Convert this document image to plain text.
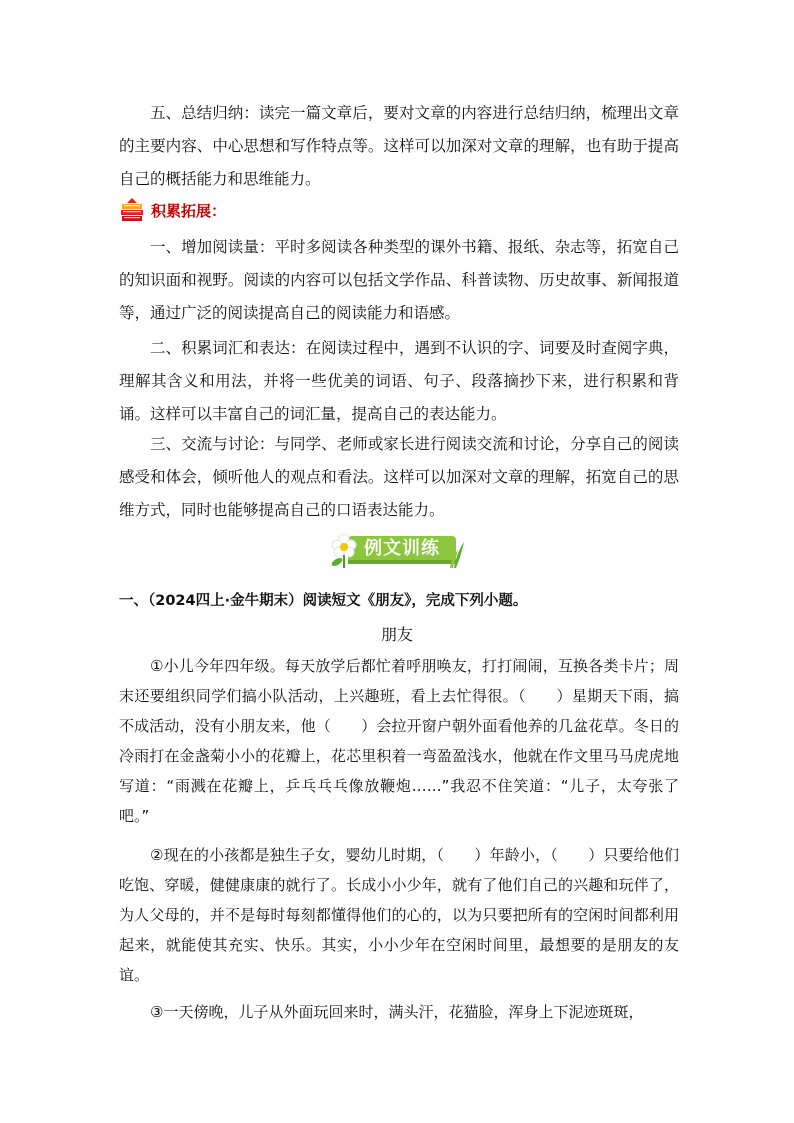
五、总结归纳：读完一篇文章后，要对文章的内容进行总结归纳，梳理出文章的主要内容、中心思想和写作特点等。这样可以加深对文章的理解，也有助于提高自己的概括能力和思维能力。

积累拓展：

一、增加阅读量：平时多阅读各种类型的课外书籍、报纸、杂志等，拓宽自己的知识面和视野。阅读的内容可以包括文学作品、科普读物、历史故事、新闻报道等，通过广泛的阅读提高自己的阅读能力和语感。

二、积累词汇和表达：在阅读过程中，遇到不认识的字、词要及时查阅字典，理解其含义和用法，并将一些优美的词语、句子、段落摘抄下来，进行积累和背诵。这样可以丰富自己的词汇量，提高自己的表达能力。

三、交流与讨论：与同学、老师或家长进行阅读交流和讨论，分享自己的阅读感受和体会，倾听他人的观点和看法。这样可以加深对文章的理解，拓宽自己的思维方式，同时也能够提高自己的口语表达能力。

例文训练

一、（2024四上·金牛期末）阅读短文《朋友》，完成下列小题。

朋友

①小儿今年四年级。每天放学后都忙着呼朋唤友，打打闹闹，互换各类卡片；周末还要组织同学们搞小队活动，上兴趣班，看上去忙得很。（　　）星期天下雨，搞不成活动，没有小朋友来，他（　　）会拉开窗户朝外面看他养的几盆花草。冬日的冷雨打在金盏菊小小的花瓣上，花芯里积着一弯盈盈浅水，他就在作文里马马虎虎地写道：“雨溅在花瓣上，乒乓乓乓像放鞭炮……”我忍不住笑道：“儿子，太夸张了吧。”

②现在的小孩都是独生子女，婴幼儿时期，（　　）年龄小，（　　）只要给他们吃饱、穿暖，健健康康的就行了。长成小小少年，就有了他们自己的兴趣和玩伴了，为人父母的，并不是每时每刻都懂得他们的心的，以为只要把所有的空闲时间都利用起来，就能使其充实、快乐。其实，小小少年在空闲时间里，最想要的是朋友的友谊。

③一天傍晚，儿子从外面玩回来时，满头汗，花猫脸，浑身上下泥迹斑斑，
